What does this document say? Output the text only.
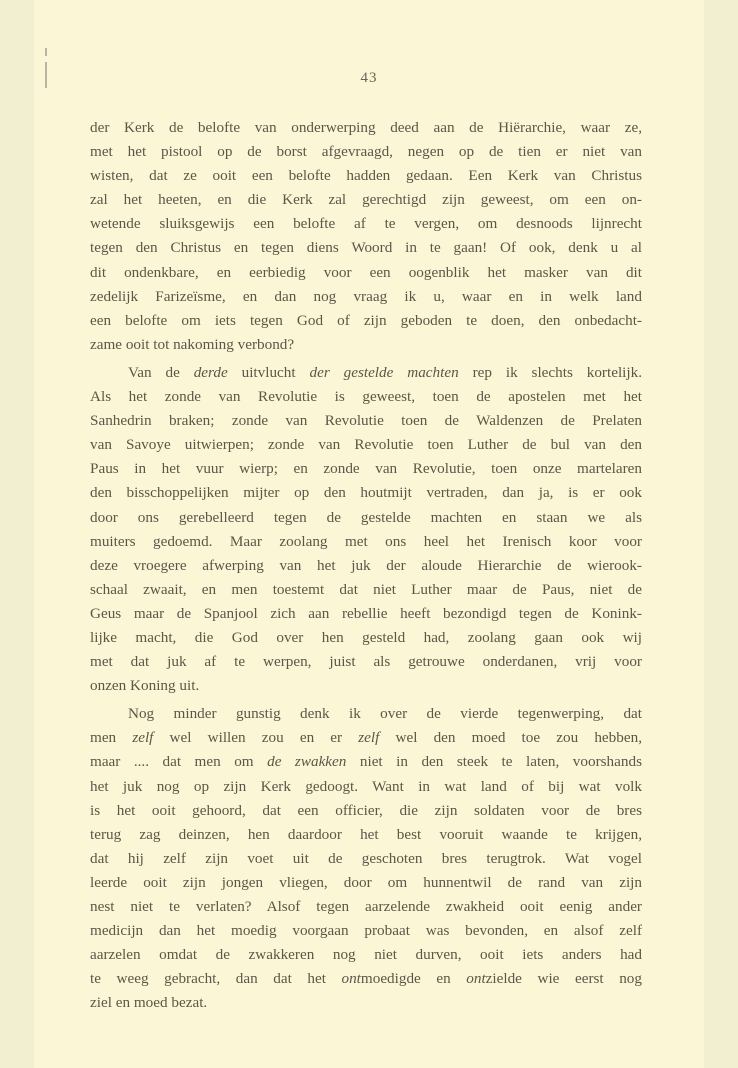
43
der Kerk de belofte van onderwerping deed aan de Hiërarchie, waar ze,
met het pistool op de borst afgevraagd, negen op de tien er niet van
wisten, dat ze ooit een belofte hadden gedaan. Een Kerk van Christus
zal het heeten, en die Kerk zal gerechtigd zijn geweest, om een on-
wetende sluiksgewijs een belofte af te vergen, om desnoods lijnrecht
tegen den Christus en tegen diens Woord in te gaan! Of ook, denk u al
dit ondenkbare, en eerbiedig voor een oogenblik het masker van dit
zedelijk Farizeïsme, en dan nog vraag ik u, waar en in welk land
een belofte om iets tegen God of zijn geboden te doen, den onbedacht-
zame ooit tot nakoming verbond?
Van de derde uitvlucht der gestelde machten rep ik slechts kortelijk.
Als het zonde van Revolutie is geweest, toen de apostelen met het
Sanhedrin braken; zonde van Revolutie toen de Waldenzen de Prelaten
van Savoye uitwierpen; zonde van Revolutie toen Luther de bul van den
Paus in het vuur wierp; en zonde van Revolutie, toen onze martelaren
den bisschoppelijken mijter op den houtmijt vertraden, dan ja, is er ook
door ons gerebelleerd tegen de gestelde machten en staan we als
muiters gedoemd. Maar zoolang met ons heel het Irenisch koor voor
deze vroegere afwerping van het juk der aloude Hierarchie de wierook-
schaal zwaait, en men toestemt dat niet Luther maar de Paus, niet de
Geus maar de Spanjool zich aan rebellie heeft bezondigd tegen de Konink-
lijke macht, die God over hen gesteld had, zoolang gaan ook wij
met dat juk af te werpen, juist als getrouwe onderdanen, vrij voor
onzen Koning uit.
Nog minder gunstig denk ik over de vierde tegenwerping, dat
men zelf wel willen zou en er zelf wel den moed toe zou hebben,
maar .... dat men om de zwakken niet in den steek te laten, voorshands
het juk nog op zijn Kerk gedoogt. Want in wat land of bij wat volk
is het ooit gehoord, dat een officier, die zijn soldaten voor de bres
terug zag deinzen, hen daardoor het best vooruit waande te krijgen,
dat hij zelf zijn voet uit de geschoten bres terugtrok. Wat vogel
leerde ooit zijn jongen vliegen, door om hunnentwil de rand van zijn
nest niet te verlaten? Alsof tegen aarzelende zwakheid ooit eenig ander
medicijn dan het moedig voorgaan probaat was bevonden, en alsof zelf
aarzelen omdat de zwakkeren nog niet durven, ooit iets anders had
te weeg gebracht, dan dat het ontmoedigde en ontzielde wie eerst nog
ziel en moed bezat.
